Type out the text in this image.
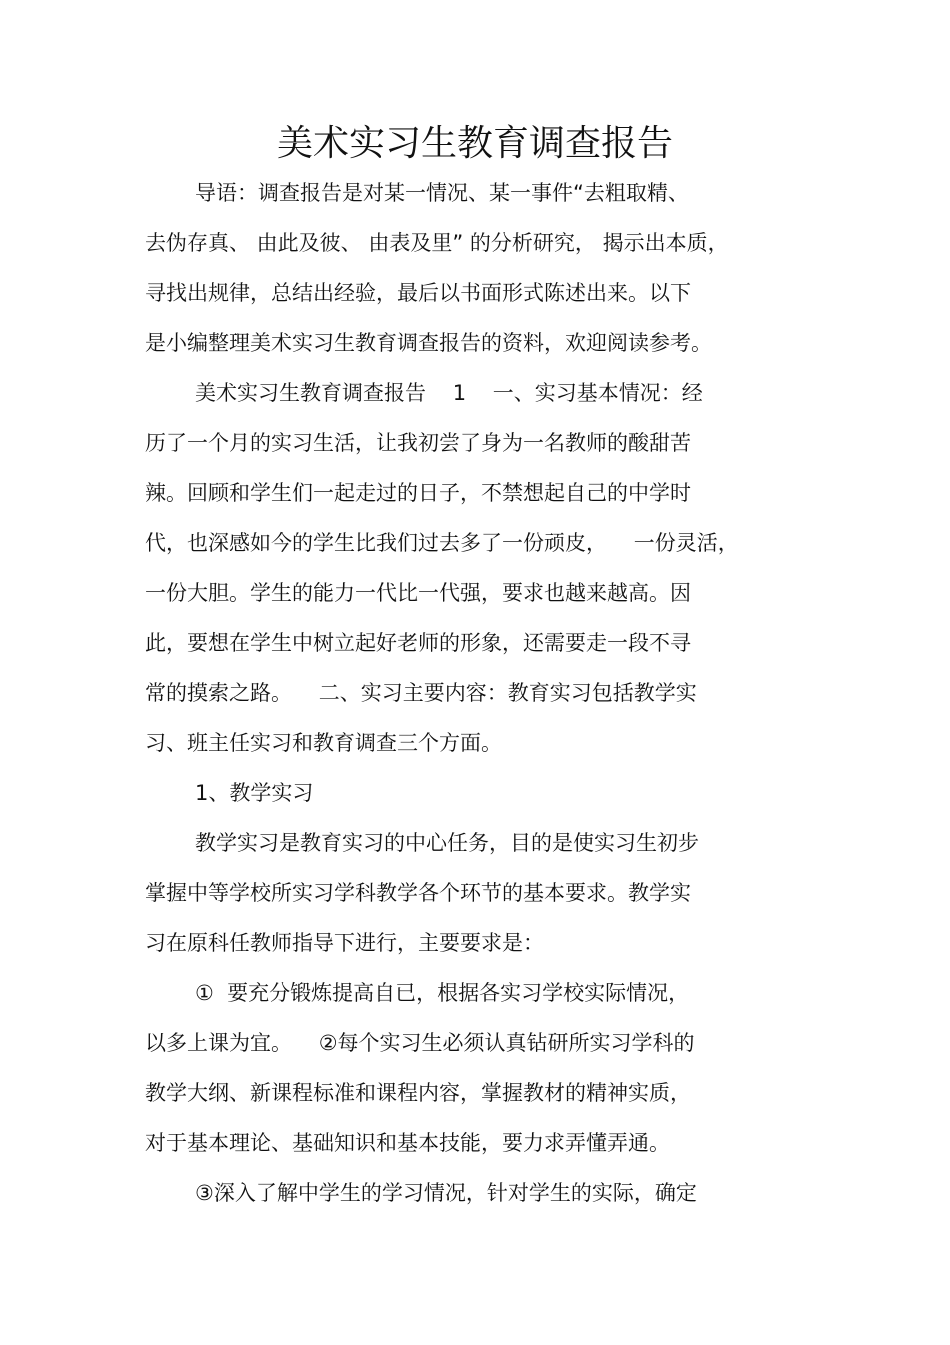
美术实习生教育调查报告
导语：调查报告是对某一情况、某一事件“去粗取精、
去伪存真、 由此及彼、 由表及里” 的分析研究， 揭示出本质，
寻找出规律，总结出经验，最后以书面形式陈述出来。以下
是小编整理美术实习生教育调查报告的资料，欢迎阅读参考。
美术实习生教育调查报告    1    一、实习基本情况：经
历了一个月的实习生活，让我初尝了身为一名教师的酸甜苦
辣。回顾和学生们一起走过的日子，不禁想起自己的中学时
代，也深感如今的学生比我们过去多了一份顽皮，    一份灵活，
一份大胆。学生的能力一代比一代强，要求也越来越高。因
此，要想在学生中树立起好老师的形象，还需要走一段不寻
常的摸索之路。    二、实习主要内容：教育实习包括教学实
习、班主任实习和教育调查三个方面。
1、教学实习
教学实习是教育实习的中心任务，目的是使实习生初步
掌握中等学校所实习学科教学各个环节的基本要求。教学实
习在原科任教师指导下进行，主要要求是：
①  要充分锻炼提高自已，根据各实习学校实际情况，
以多上课为宜。    ②每个实习生必须认真钻研所实习学科的
教学大纲、新课程标准和课程内容，掌握教材的精神实质，
对于基本理论、基础知识和基本技能，要力求弄懂弄通。
③深入了解中学生的学习情况，针对学生的实际，确定
